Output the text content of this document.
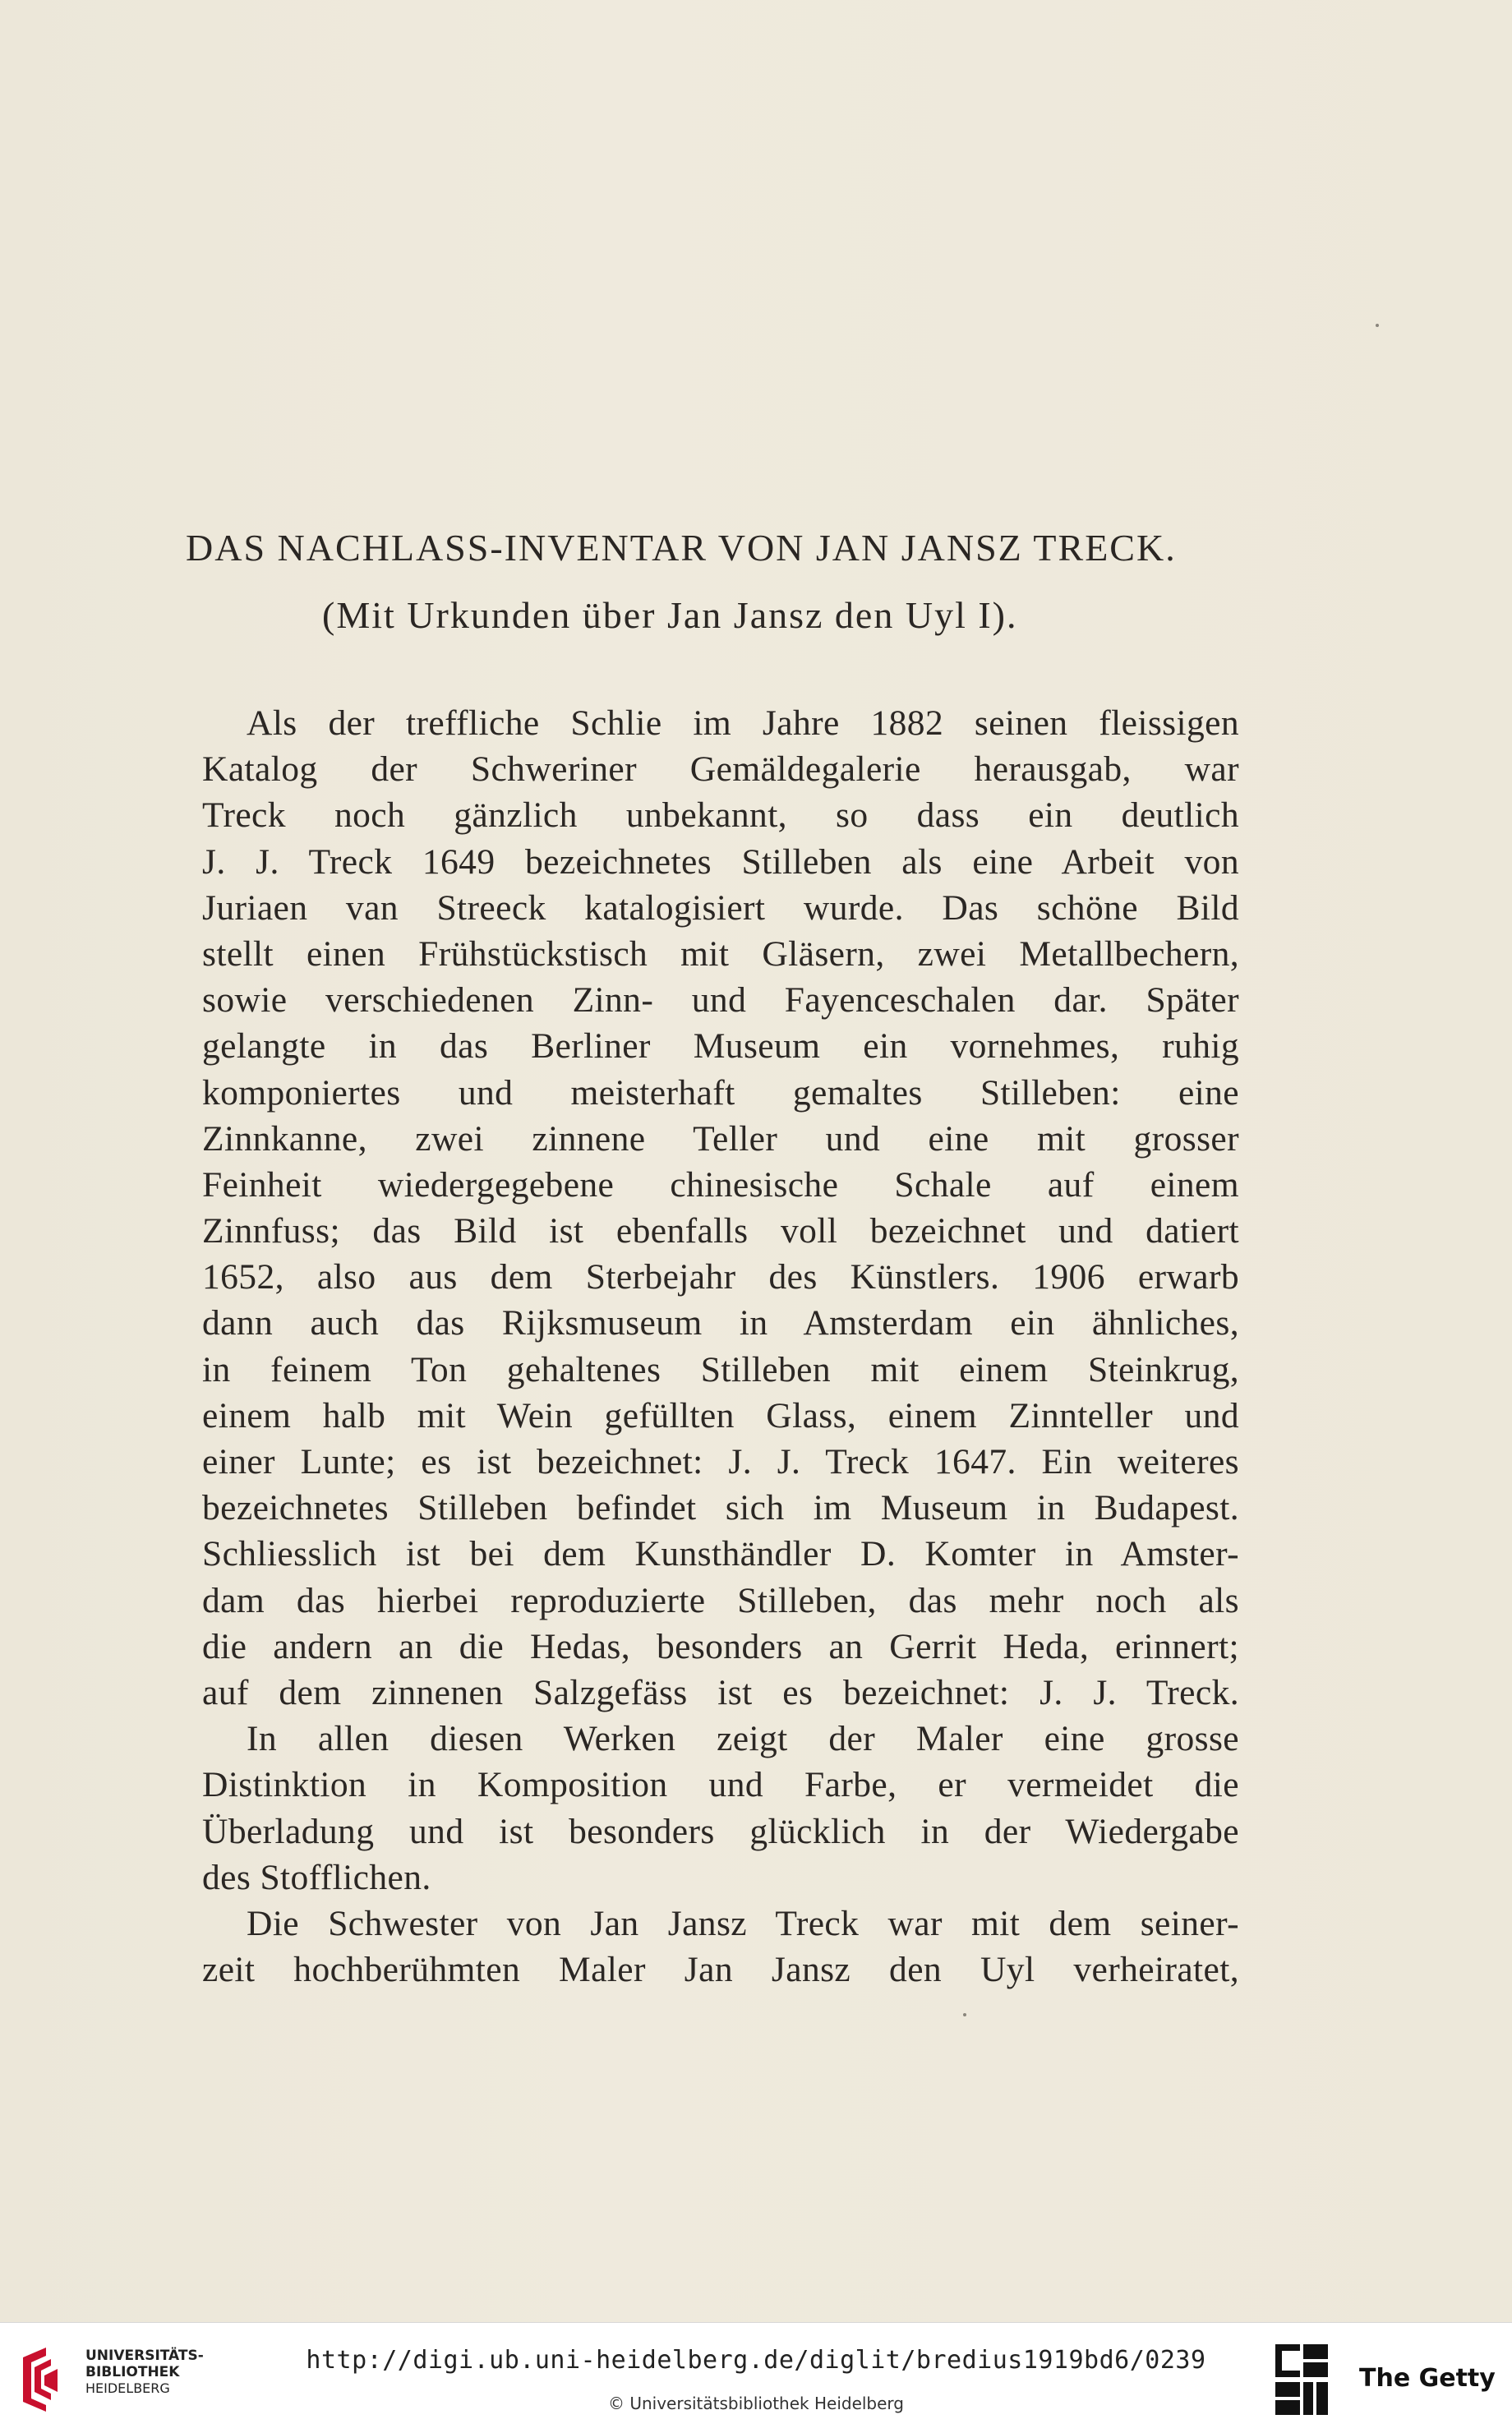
DAS NACHLASS-INVENTAR VON JAN JANSZ TRECK.
(Mit Urkunden über Jan Jansz den Uyl I).
Als der treffliche Schlie im Jahre 1882 seinen fleissigen
Katalog der Schweriner Gemäldegalerie herausgab, war
Treck noch gänzlich unbekannt, so dass ein deutlich
J. J. Treck 1649 bezeichnetes Stilleben als eine Arbeit von
Juriaen van Streeck katalogisiert wurde. Das schöne Bild
stellt einen Frühstückstisch mit Gläsern, zwei Metallbechern,
sowie verschiedenen Zinn- und Fayenceschalen dar. Später
gelangte in das Berliner Museum ein vornehmes, ruhig
komponiertes und meisterhaft gemaltes Stilleben: eine
Zinnkanne, zwei zinnene Teller und eine mit grosser
Feinheit wiedergegebene chinesische Schale auf einem
Zinnfuss; das Bild ist ebenfalls voll bezeichnet und datiert
1652, also aus dem Sterbejahr des Künstlers. 1906 erwarb
dann auch das Rijksmuseum in Amsterdam ein ähnliches,
in feinem Ton gehaltenes Stilleben mit einem Steinkrug,
einem halb mit Wein gefüllten Glass, einem Zinnteller und
einer Lunte; es ist bezeichnet: J. J. Treck 1647. Ein weiteres
bezeichnetes Stilleben befindet sich im Museum in Budapest.
Schliesslich ist bei dem Kunsthändler D. Komter in Amster-
dam das hierbei reproduzierte Stilleben, das mehr noch als
die andern an die Hedas, besonders an Gerrit Heda, erinnert;
auf dem zinnenen Salzgefäss ist es bezeichnet: J. J. Treck.
In allen diesen Werken zeigt der Maler eine grosse
Distinktion in Komposition und Farbe, er vermeidet die
Überladung und ist besonders glücklich in der Wiedergabe
des Stofflichen.
Die Schwester von Jan Jansz Treck war mit dem seiner-
zeit hochberühmten Maler Jan Jansz den Uyl verheiratet,
UNIVERSITÄTS-
BIBLIOTHEK
HEIDELBERG
http://digi.ub.uni-heidelberg.de/diglit/bredius1919bd6/0239
© Universitätsbibliothek Heidelberg
The Getty
